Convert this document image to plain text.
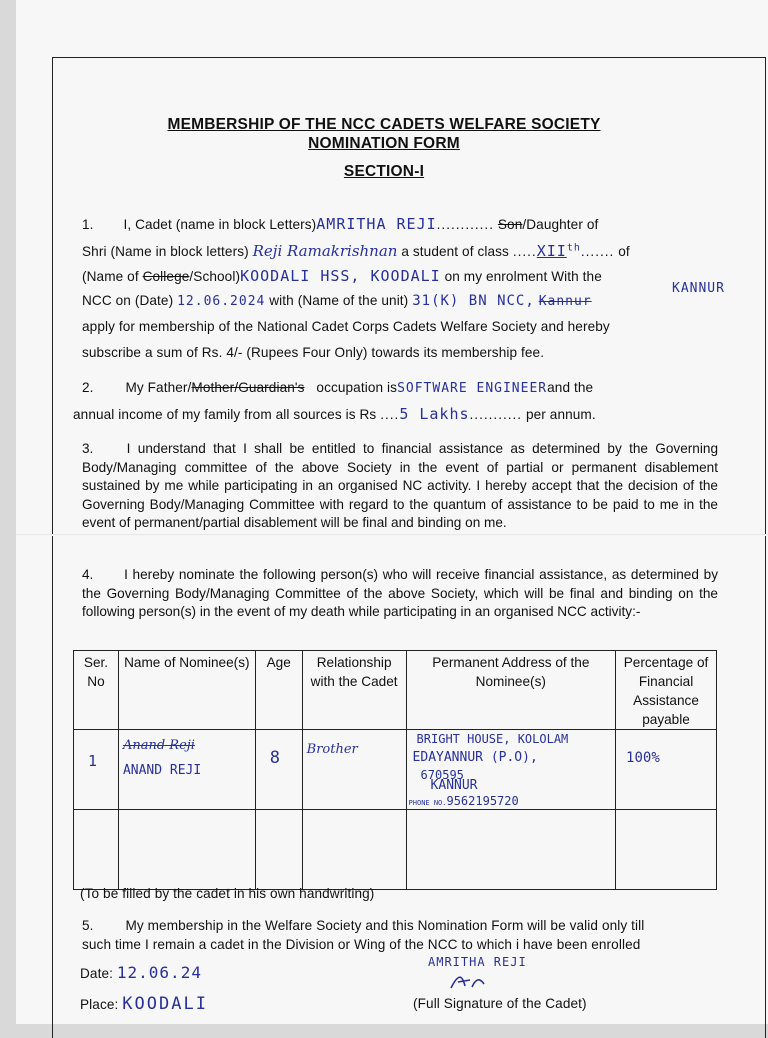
MEMBERSHIP OF THE NCC CADETS WELFARE SOCIETY
NOMINATION FORM
SECTION-I
1. I, Cadet (name in block Letters)AMRITHA REJI............ Son/Daughter of
Shri (Name in block letters) Reji Ramakrishnan a student of class .....XIIth....... of
(Name of College/School)KOODALI HSS, KOODALI on my enrolment With the
NCC on (Date) 12.06.2024 with (Name of the unit) 31(K) BN NCC, Kannur
KANNUR
apply for membership of the National Cadet Corps Cadets Welfare Society and hereby
subscribe a sum of Rs. 4/- (Rupees Four Only) towards its membership fee.
2. My Father/Mother/Guardian's occupation isSOFTWARE ENGINEERand the
annual income of my family from all sources is Rs ....5 Lakhs........... per annum.
3. I understand that I shall be entitled to financial assistance as determined by the Governing Body/Managing committee of the above Society in the event of partial or permanent disablement sustained by me while participating in an organised NC activity. I hereby accept that the decision of the Governing Body/Managing Committee with regard to the quantum of assistance to be paid to me in the event of permanent/partial disablement will be final and binding on me.
4. I hereby nominate the following person(s) who will receive financial assistance, as determined by the Governing Body/Managing Committee of the above Society, which will be final and binding on the following person(s) in the event of my death while participating in an organised NCC activity:-
Ser. No	Name of Nominee(s)	Age	Relationship with the Cadet	Permanent Address of the Nominee(s)	Percentage of Financial Assistance payable

1	Anand Reji
ANAND REJI	8	Brother	BRIGHT HOUSE, KOLOLAM
EDAYANNUR (P.O),
670595
KANNUR
PHONE NO.9562195720	100%

(To be filled by the cadet in his own handwriting)
5. My membership in the Welfare Society and this Nomination Form will be valid only till
such time I remain a cadet in the Division or Wing of the NCC to which i have been enrolled
Date: 12.06.24
Place: KOODALI
AMRITHA REJI
(Full Signature of the Cadet)
